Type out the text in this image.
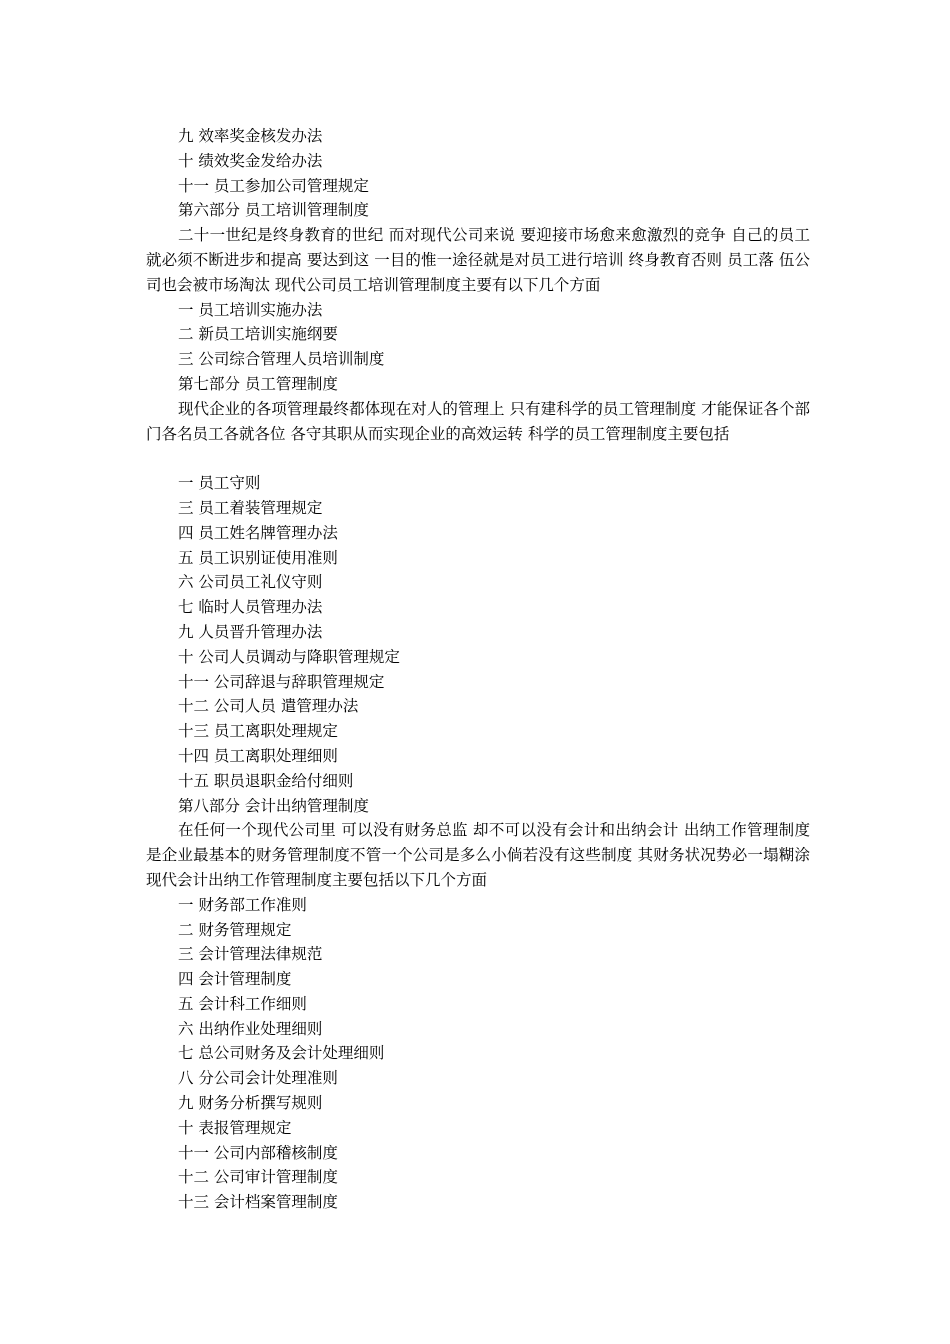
九 效率奖金核发办法
十 绩效奖金发给办法
十一 员工参加公司管理规定
第六部分 员工培训管理制度

二十一世纪是终身教育的世纪 而对现代公司来说 要迎接市场愈来愈激烈的竞争 自己的员工就必须不断进步和提高 要达到这 一目的惟一途径就是对员工进行培训 终身教育否则 员工落 伍公司也会被市场淘汰 现代公司员工培训管理制度主要有以下几个方面

一 员工培训实施办法
二 新员工培训实施纲要
三 公司综合管理人员培训制度
第七部分 员工管理制度

现代企业的各项管理最终都体现在对人的管理上 只有建科学的员工管理制度 才能保证各个部门各名员工各就各位 各守其职从而实现企业的高效运转 科学的员工管理制度主要包括

一 员工守则
三 员工着装管理规定
四 员工姓名牌管理办法
五 员工识别证使用准则
六 公司员工礼仪守则
七 临时人员管理办法
九 人员晋升管理办法
十 公司人员调动与降职管理规定
十一 公司辞退与辞职管理规定
十二 公司人员 遣管理办法
十三 员工离职处理规定
十四 员工离职处理细则
十五 职员退职金给付细则
第八部分 会计出纳管理制度

在任何一个现代公司里 可以没有财务总监 却不可以没有会计和出纳会计 出纳工作管理制度是企业最基本的财务管理制度不管一个公司是多么小倘若没有这些制度 其财务状况势必一塌糊涂 现代会计出纳工作管理制度主要包括以下几个方面

一 财务部工作准则
二 财务管理规定
三 会计管理法律规范
四 会计管理制度
五 会计科工作细则
六 出纳作业处理细则
七 总公司财务及会计处理细则
八 分公司会计处理准则
九 财务分析撰写规则
十 表报管理规定
十一 公司内部稽核制度
十二 公司审计管理制度
十三 会计档案管理制度
